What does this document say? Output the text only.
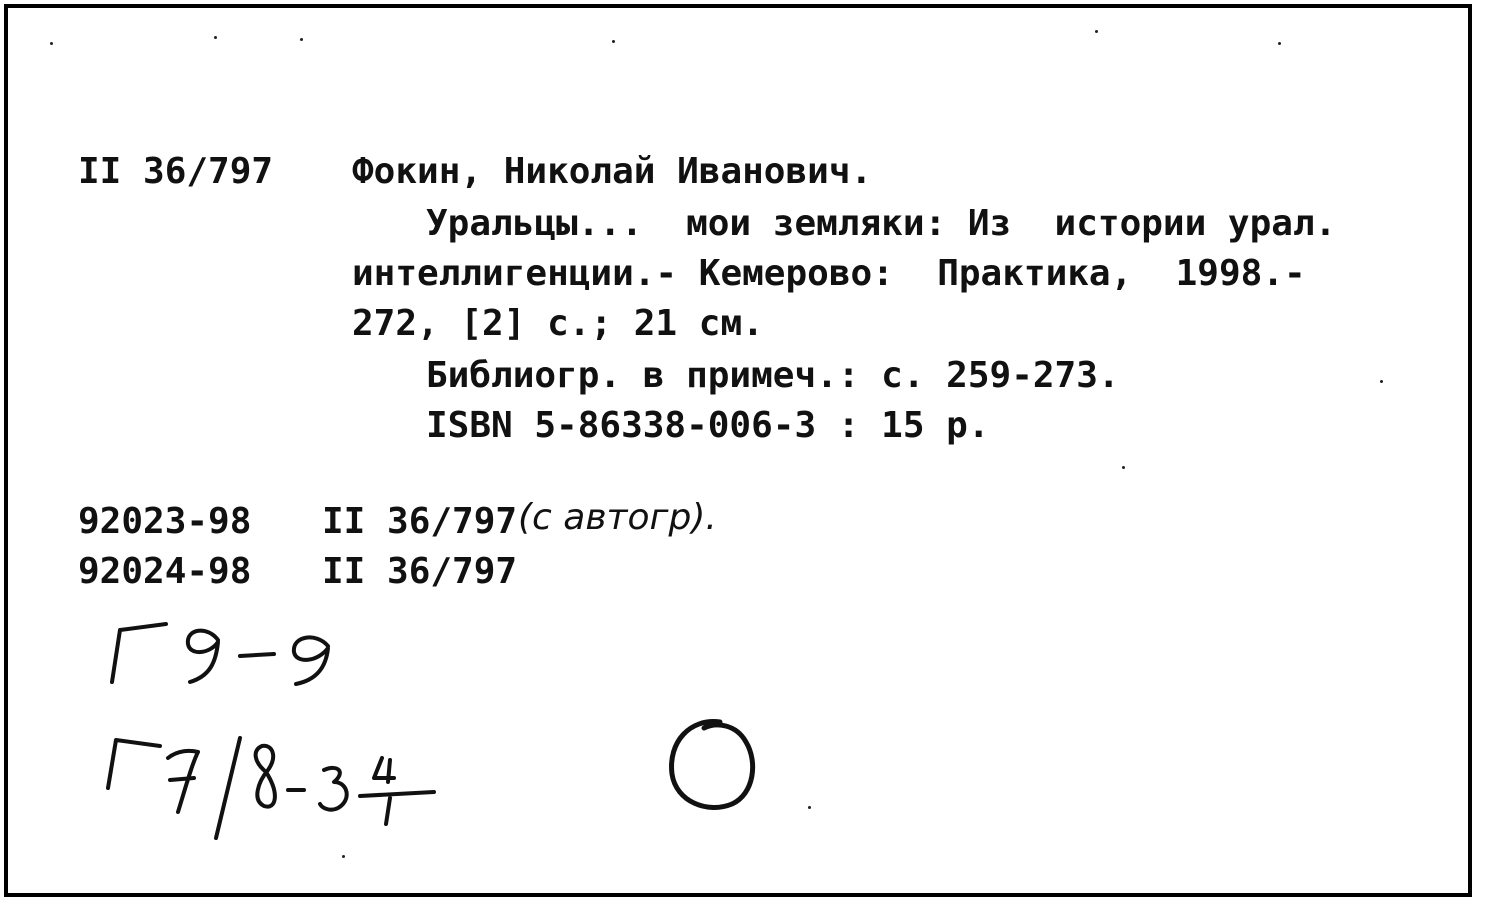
II 36/797 Фокин, Николай Иванович.
Уральцы...  мои земляки: Из  истории урал.
интеллигенции.- Кемерово:  Практика,  1998.-
272, [2] с.; 21 см.
Библиогр. в примеч.: с. 259-273.
ISBN 5-86338-006-3 : 15 р.
92023-98 II 36/797 (с автогр).
92024-98 II 36/797
